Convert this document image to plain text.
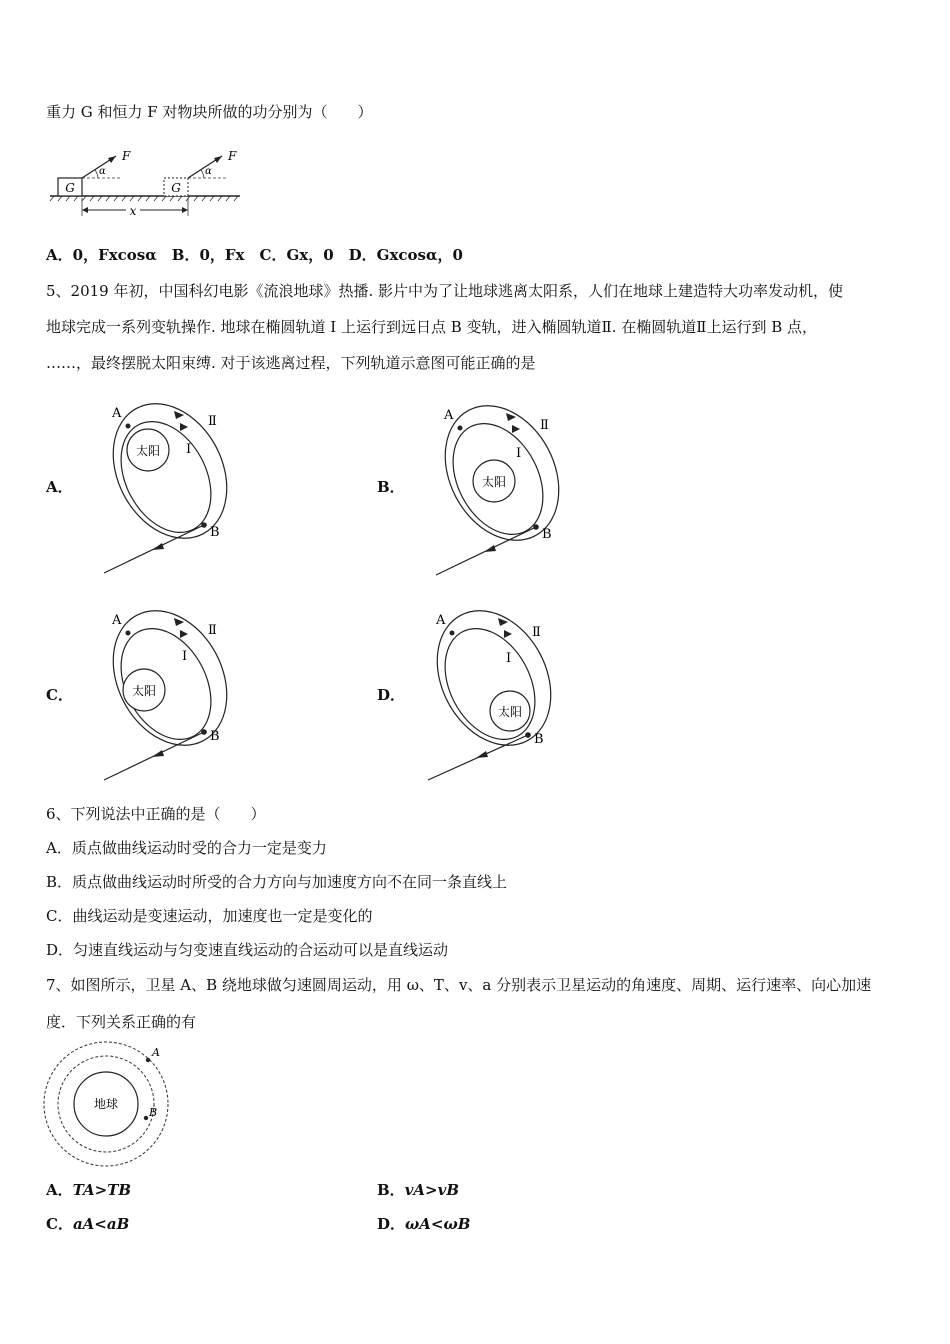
重力 G 和恒力 F 对物块所做的功分别为（　　）
G
α
F
G
α
F
x
A．0，Fxcosα　B．0，Fx　C．Gx，0　D．Gxcosα，0
5、2019 年初，中国科幻电影《流浪地球》热播. 影片中为了让地球逃离太阳系，人们在地球上建造特大功率发动机，使
地球完成一系列变轨操作. 地球在椭圆轨道 I 上运行到远日点 B 变轨，进入椭圆轨道Ⅱ. 在椭圆轨道Ⅱ上运行到 B 点，
……，最终摆脱太阳束缚. 对于该逃离过程，下列轨道示意图可能正确的是
A．
太阳
A
B
I
Ⅱ
B．	太阳
A
B
I
Ⅱ
C．	太阳
A
B
I
Ⅱ
D．
太阳
A
B
I
Ⅱ
6、下列说法中正确的是（　　）
A．质点做曲线运动时受的合力一定是变力
B．质点做曲线运动时所受的合力方向与加速度方向不在同一条直线上
C．曲线运动是变速运动，加速度也一定是变化的
D．匀速直线运动与匀变速直线运动的合运动可以是直线运动
7、如图所示，卫星 A、B 绕地球做匀速圆周运动，用 ω、T、v、a 分别表示卫星运动的角速度、周期、运行速率、向心加速
度．下列关系正确的有
地球
A
B
A．TA>TB	B．vA>vB
C．aA<aB	D．ωA<ωB
